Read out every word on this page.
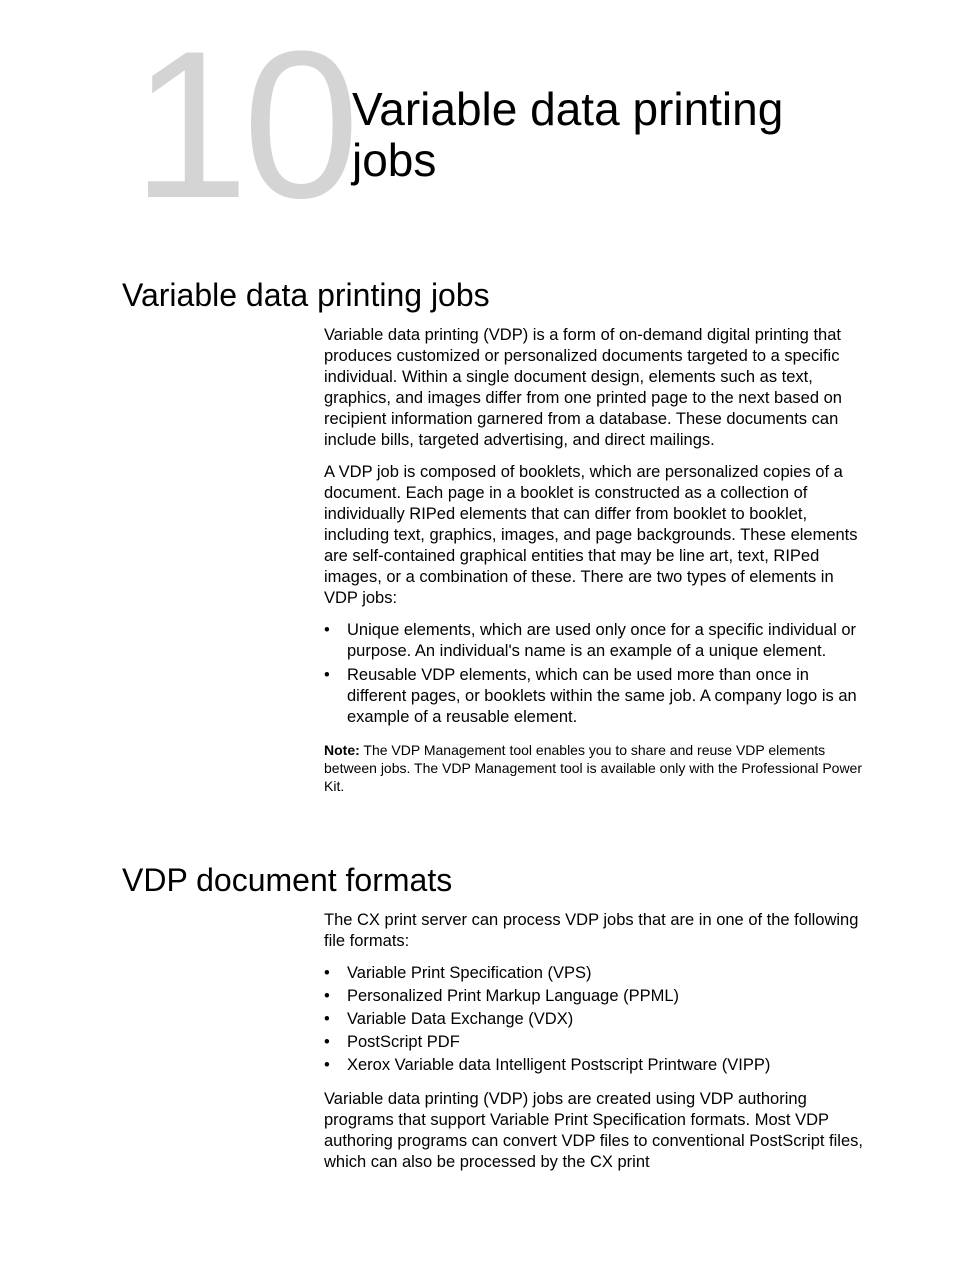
10
Variable data printing jobs
Variable data printing jobs

Variable data printing (VDP) is a form of on-demand digital printing that produces customized or personalized documents targeted to a specific individual. Within a single document design, elements such as text, graphics, and images differ from one printed page to the next based on recipient information garnered from a database. These documents can include bills, targeted advertising, and direct mailings.

A VDP job is composed of booklets, which are personalized copies of a document. Each page in a booklet is constructed as a collection of individually RIPed elements that can differ from booklet to booklet, including text, graphics, images, and page backgrounds. These elements are self-contained graphical entities that may be line art, text, RIPed images, or a combination of these. There are two types of elements in VDP jobs:

• Unique elements, which are used only once for a specific individual or purpose. An individual's name is an example of a unique element.
• Reusable VDP elements, which can be used more than once in different pages, or booklets within the same job. A company logo is an example of a reusable element.

Note: The VDP Management tool enables you to share and reuse VDP elements between jobs. The VDP Management tool is available only with the Professional Power Kit.

VDP document formats

The CX print server can process VDP jobs that are in one of the following file formats:

• Variable Print Specification (VPS)
• Personalized Print Markup Language (PPML)
• Variable Data Exchange (VDX)
• PostScript PDF
• Xerox Variable data Intelligent Postscript Printware (VIPP)

Variable data printing (VDP) jobs are created using VDP authoring programs that support Variable Print Specification formats. Most VDP authoring programs can convert VDP files to conventional PostScript files, which can also be processed by the CX print
